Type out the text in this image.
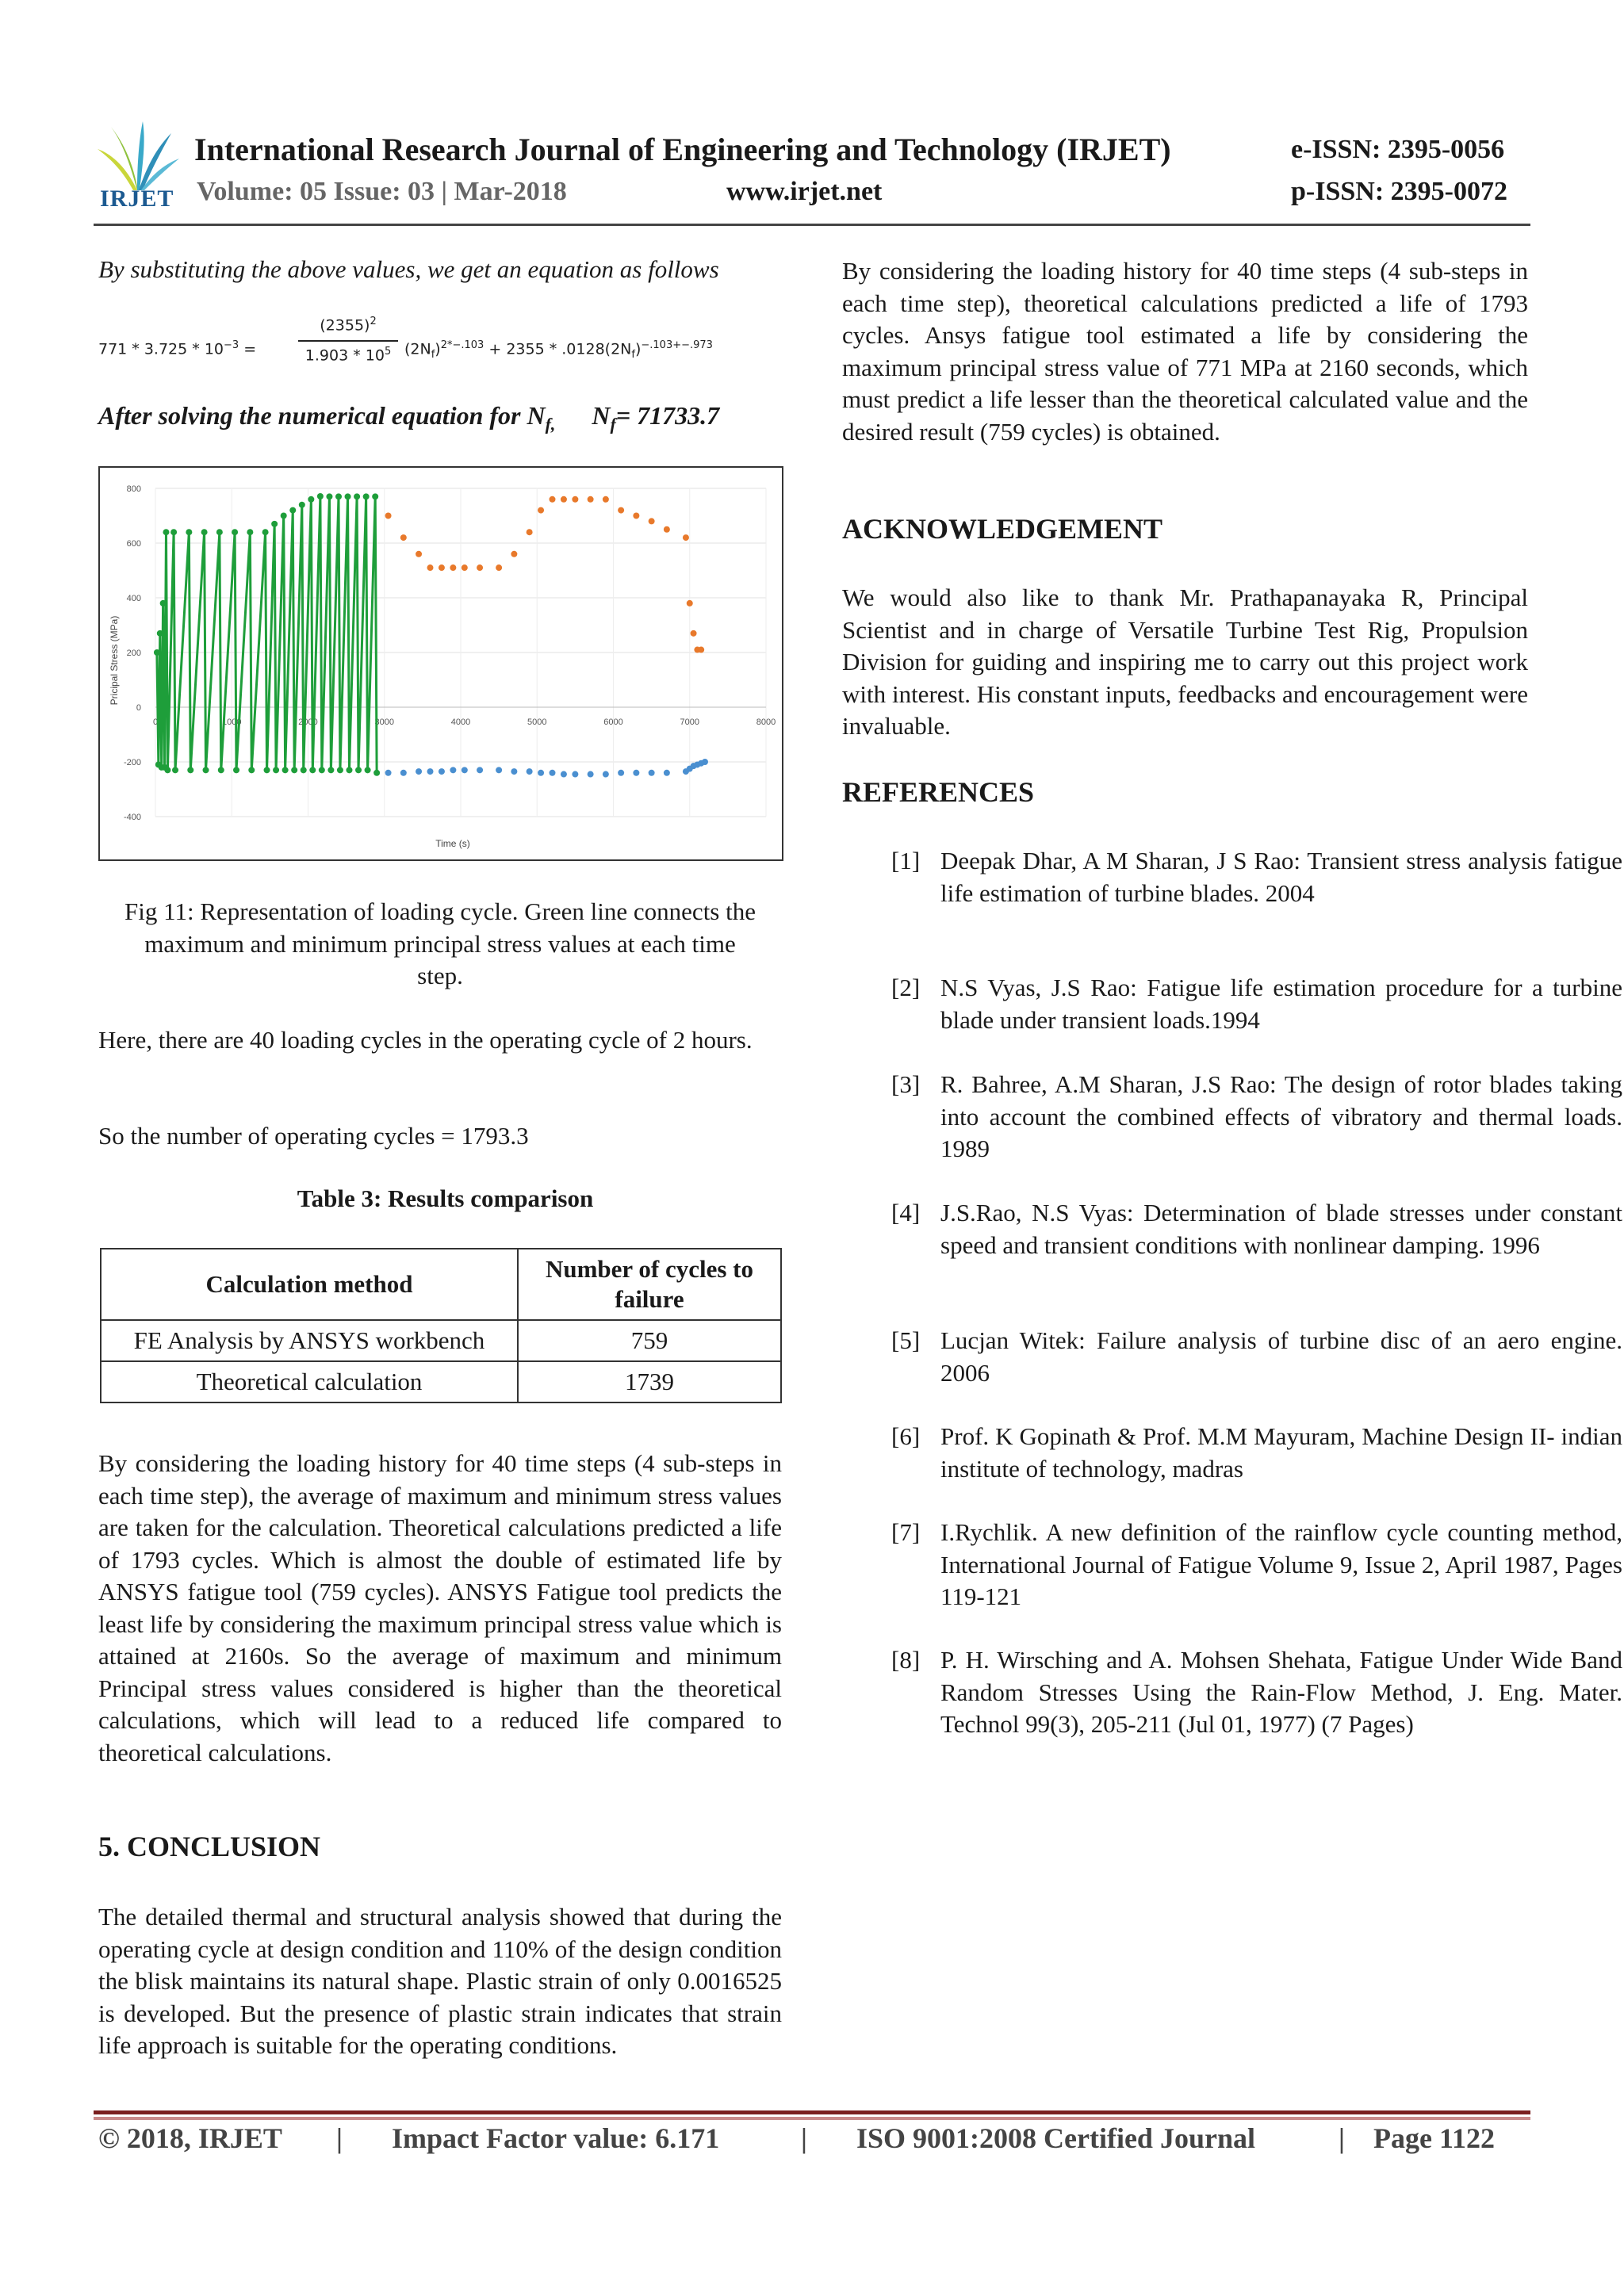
IRJET
International Research Journal of Engineering and Technology (IRJET)	e-ISSN: 2395-0056
Volume: 05 Issue: 03 | Mar-2018	www.irjet.net	p-ISSN: 2395-0072
By substituting the above values, we get an equation as follows
$771 * 3.725 * 10^{-3}$ =
$(2355)^2$
$1.903 * 10^5$ $(2N_f)^{2*-.103} + 2355 * .0128(2N_f)^{-.103+-.973}$
After solving the numerical equation for $N_{f,}$ $N_f= 71733.7$
-400
-200
0
200
400
600
800
0	1000	2000	3000	4000	5000	6000	7000	8000
Time (s)
Pricipal Stress (MPa)
Fig 11: Representation of loading cycle. Green line connects the maximum and minimum principal stress values at each time step.
Here, there are 40 loading cycles in the operating cycle of 2 hours.
So the number of operating cycles = 1793.3
Table 3: Results comparison
Calculation method	Number of cycles to failure
FE Analysis by ANSYS workbench	759
Theoretical calculation	1739
By considering the loading history for 40 time steps (4 sub-steps in each time step), the average of maximum and minimum stress values are taken for the calculation. Theoretical calculations predicted a life of 1793 cycles. Which is almost the double of estimated life by ANSYS fatigue tool (759 cycles). ANSYS Fatigue tool predicts the least life by considering the maximum principal stress value which is attained at 2160s. So the average of maximum and minimum Principal stress values considered is higher than the theoretical calculations, which will lead to a reduced life compared to theoretical calculations.
5. CONCLUSION
The detailed thermal and structural analysis showed that during the operating cycle at design condition and 110% of the design condition the blisk maintains its natural shape. Plastic strain of only 0.0016525 is developed. But the presence of plastic strain indicates that strain life approach is suitable for the operating conditions.
By considering the loading history for 40 time steps (4 sub-steps in each time step), theoretical calculations predicted a life of 1793 cycles. Ansys fatigue tool estimated a life by considering the maximum principal stress value of 771 MPa at 2160 seconds, which must predict a life lesser than the theoretical calculated value and the desired result (759 cycles) is obtained.
ACKNOWLEDGEMENT
We would also like to thank Mr. Prathapanayaka R, Principal Scientist and in charge of Versatile Turbine Test Rig, Propulsion Division for guiding and inspiring me to carry out this project work with interest. His constant inputs, feedbacks and encouragement were invaluable.
REFERENCES
[1] Deepak Dhar, A M Sharan, J S Rao: Transient stress analysis fatigue life estimation of turbine blades. 2004
[2] N.S Vyas, J.S Rao: Fatigue life estimation procedure for a turbine blade under transient loads.1994
[3] R. Bahree, A.M Sharan, J.S Rao: The design of rotor blades taking into account the combined effects of vibratory and thermal loads. 1989
[4] J.S.Rao, N.S Vyas: Determination of blade stresses under constant speed and transient conditions with nonlinear damping. 1996
[5] Lucjan Witek: Failure analysis of turbine disc of an aero engine. 2006
[6] Prof. K Gopinath & Prof. M.M Mayuram, Machine Design II- indian institute of technology, madras
[7] I.Rychlik. A new definition of the rainflow cycle counting method, International Journal of Fatigue Volume 9, Issue 2, April 1987, Pages 119-121
[8] P. H. Wirsching and A. Mohsen Shehata, Fatigue Under Wide Band Random Stresses Using the Rain-Flow Method, J. Eng. Mater. Technol 99(3), 205-211 (Jul 01, 1977) (7 Pages)
© 2018, IRJET | Impact Factor value: 6.171	| ISO 9001:2008 Certified Journal	| Page 1122
